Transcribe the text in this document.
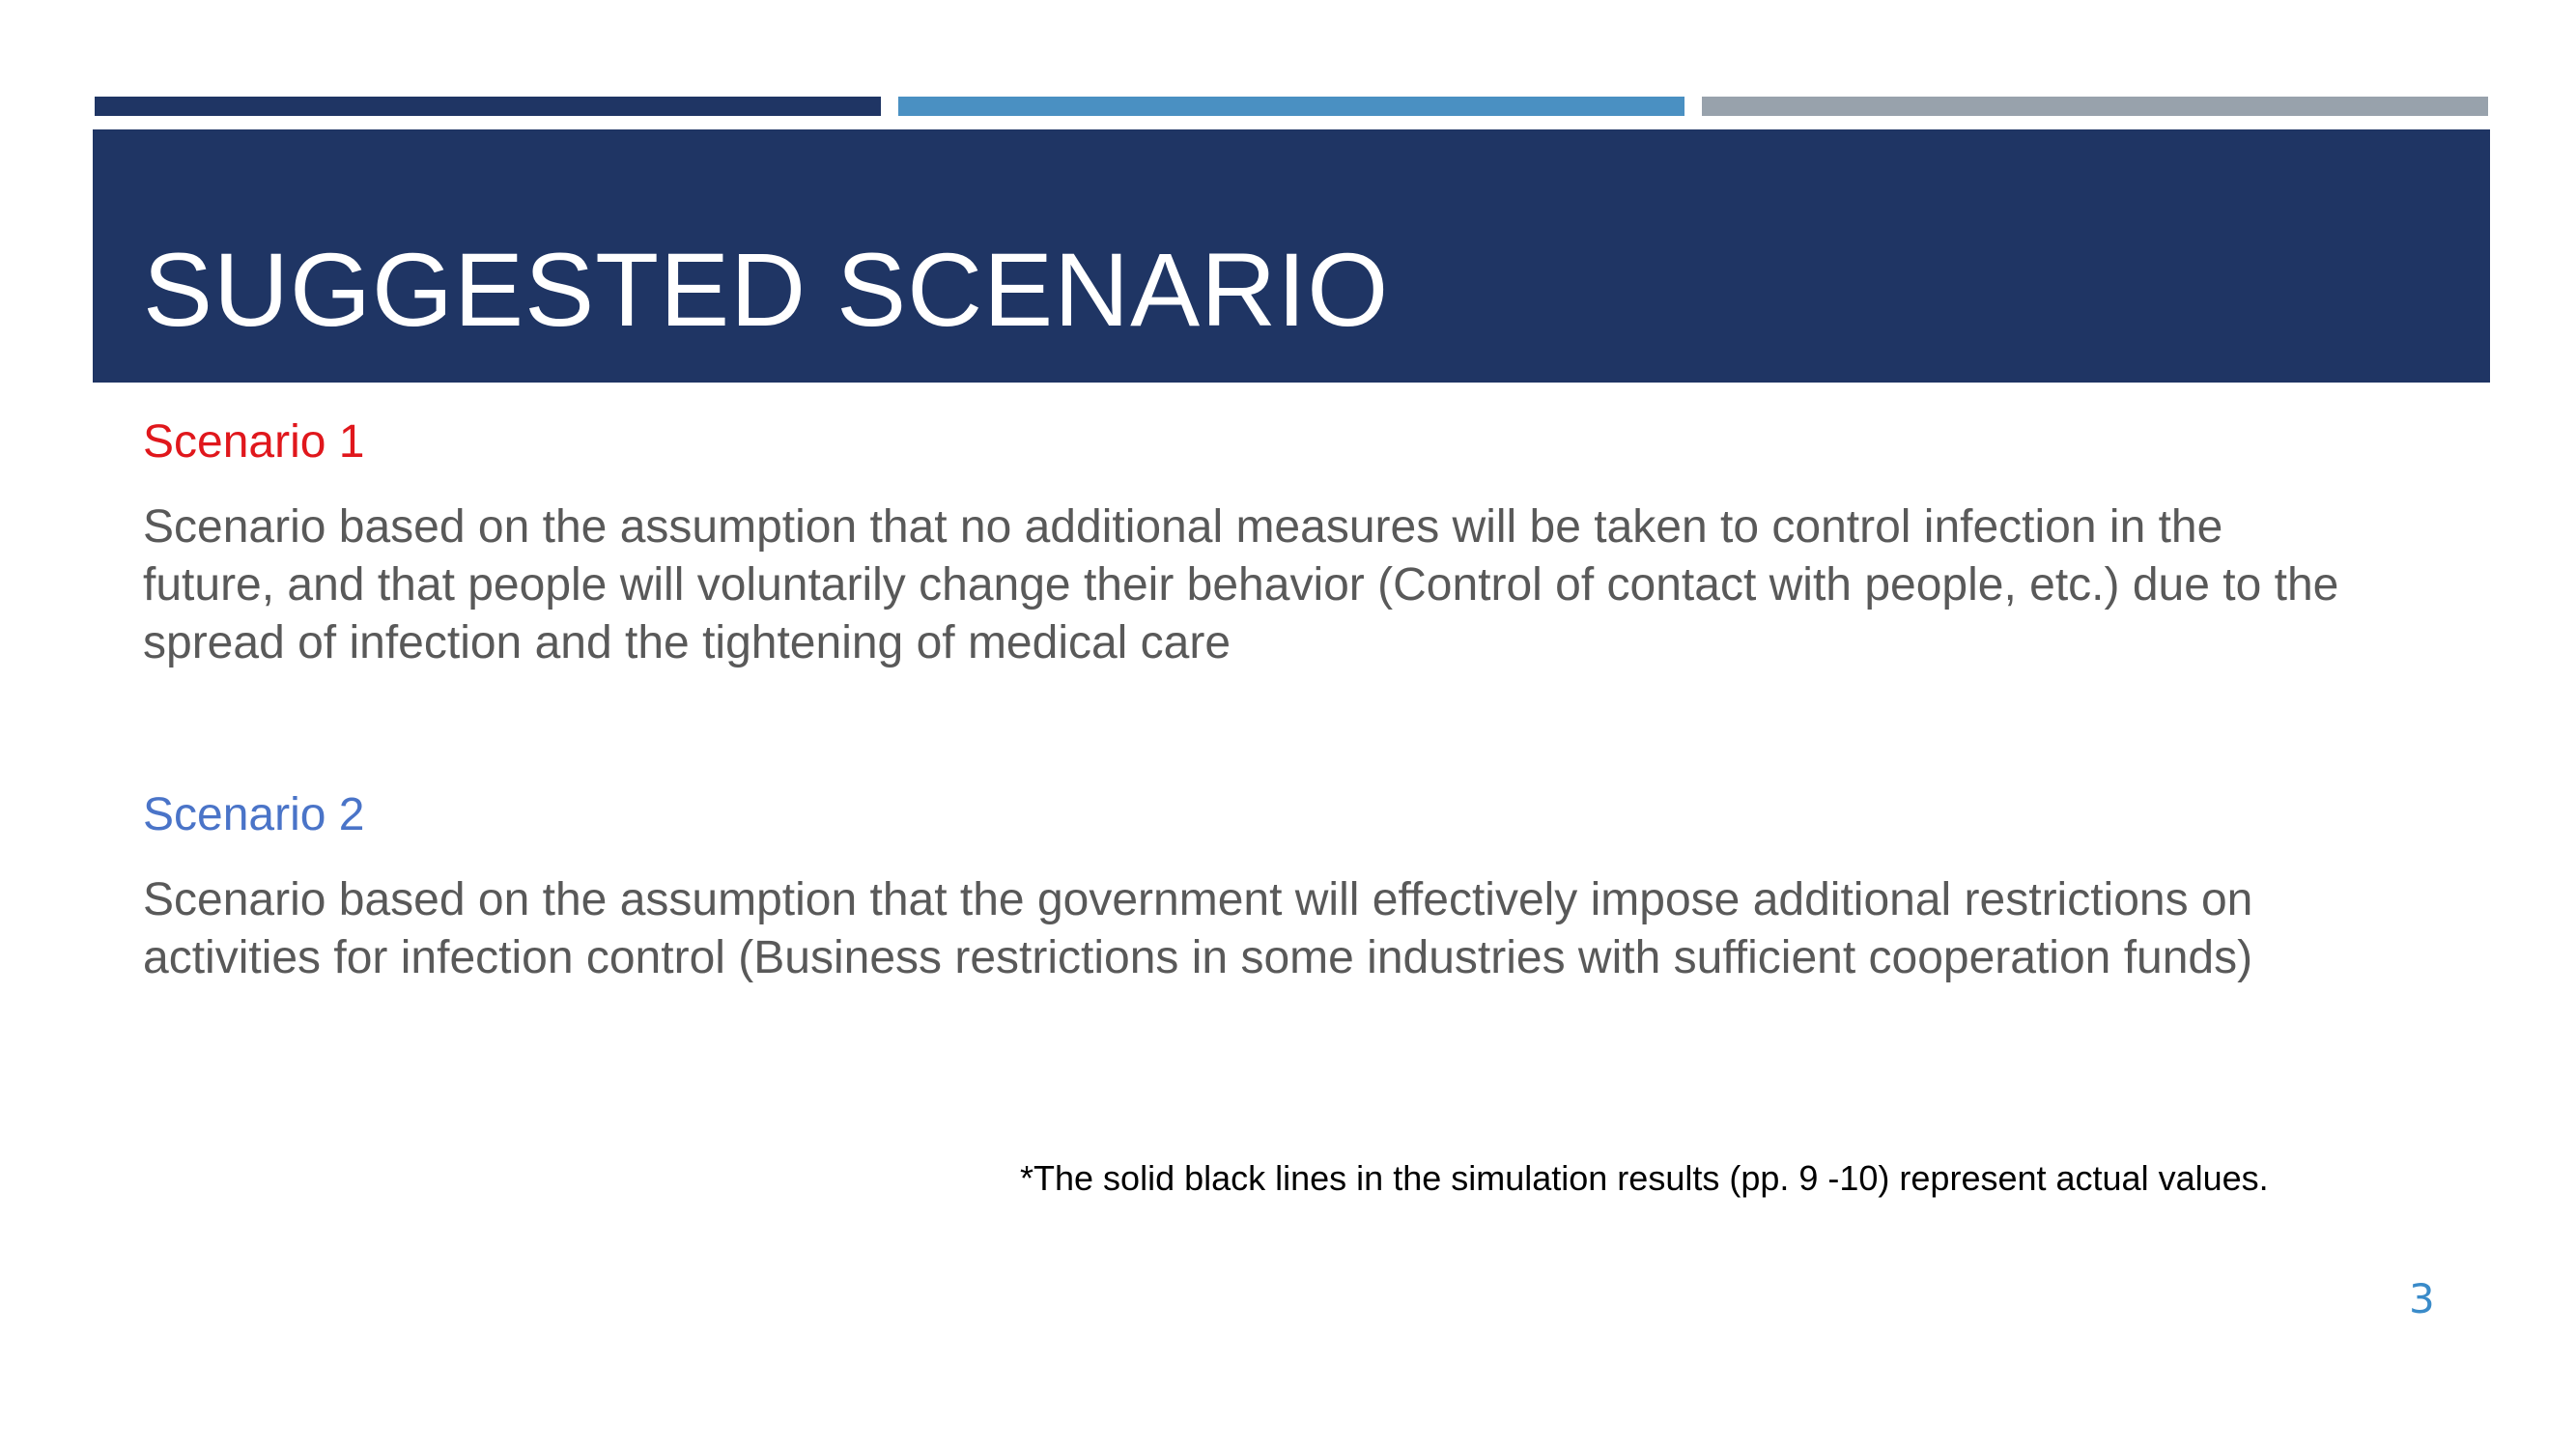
SUGGESTED SCENARIO

Scenario 1

Scenario based on the assumption that no additional measures will be taken to control infection in the
future, and that people will voluntarily change their behavior (Control of contact with people, etc.) due to the
spread of infection and the tightening of medical care

Scenario 2

Scenario based on the assumption that the government will effectively impose additional restrictions on
activities for infection control (Business restrictions in some industries with sufficient cooperation funds)

*The solid black lines in the simulation results (pp. 9 -10) represent actual values.

3
